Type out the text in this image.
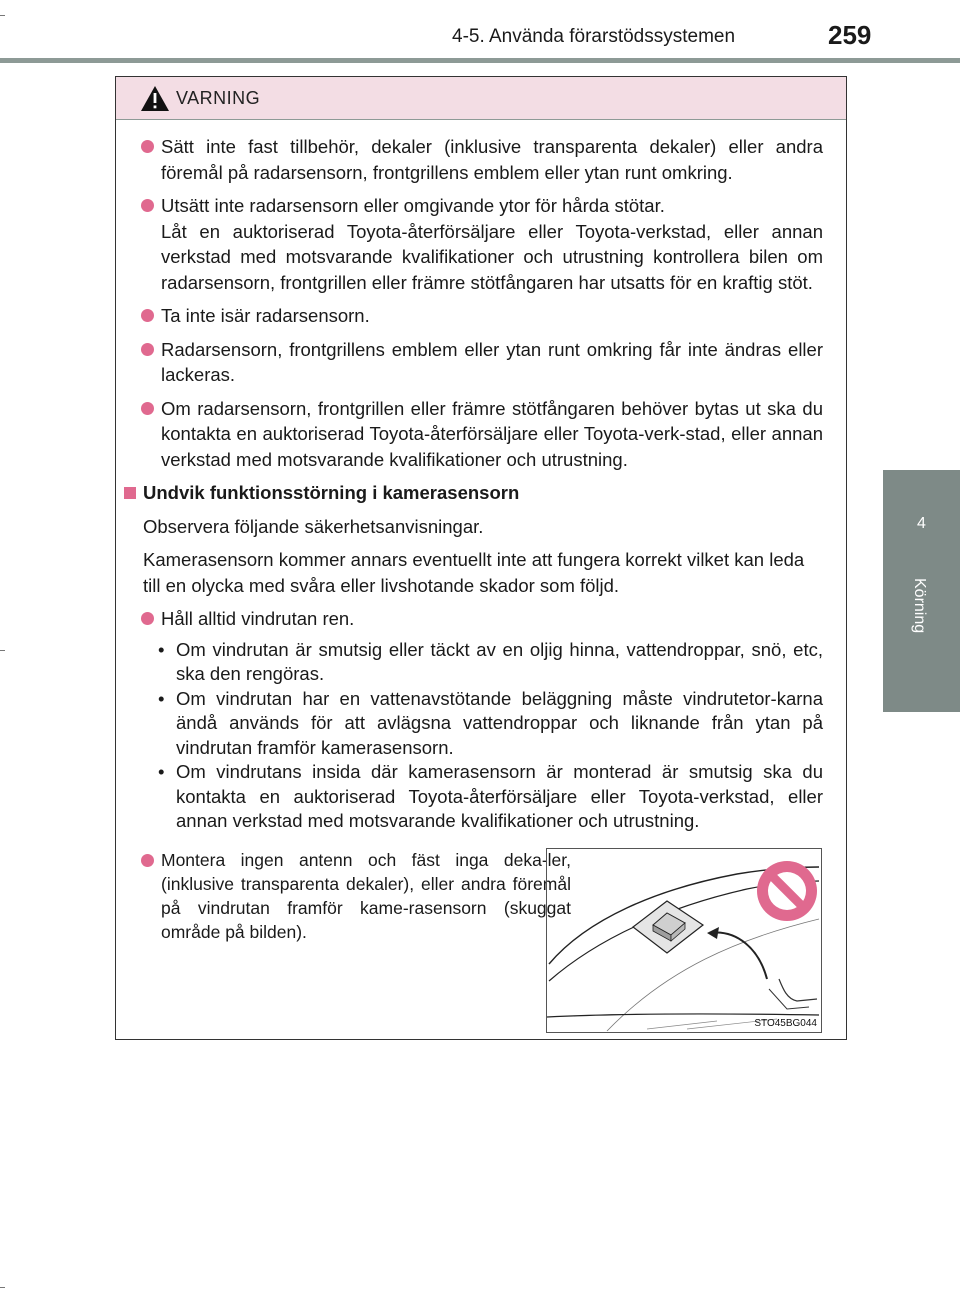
4-5. Använda förarstödssystemen	259
4
Körning
VARNING
Sätt inte fast tillbehör, dekaler (inklusive transparenta dekaler) eller andra föremål på radarsensorn, frontgrillens emblem eller ytan runt omkring.
Utsätt inte radarsensorn eller omgivande ytor för hårda stötar.
Låt en auktoriserad Toyota-återförsäljare eller Toyota-verkstad, eller annan verkstad med motsvarande kvalifikationer och utrustning kontrollera bilen om radarsensorn, frontgrillen eller främre stötfångaren har utsatts för en kraftig stöt.
Ta inte isär radarsensorn.
Radarsensorn, frontgrillens emblem eller ytan runt omkring får inte ändras eller lackeras.
Om radarsensorn, frontgrillen eller främre stötfångaren behöver bytas ut ska du kontakta en auktoriserad Toyota-återförsäljare eller Toyota-verk-stad, eller annan verkstad med motsvarande kvalifikationer och utrustning.
Undvik funktionsstörning i kamerasensorn
Observera följande säkerhetsanvisningar.
Kamerasensorn kommer annars eventuellt inte att fungera korrekt vilket kan leda till en olycka med svåra eller livshotande skador som följd.
Håll alltid vindrutan ren.
• Om vindrutan är smutsig eller täckt av en oljig hinna, vattendroppar, snö, etc, ska den rengöras.
• Om vindrutan har en vattenavstötande beläggning måste vindrutetor-karna ändå används för att avlägsna vattendroppar och liknande från ytan på vindrutan framför kamerasensorn.
• Om vindrutans insida där kamerasensorn är monterad är smutsig ska du kontakta en auktoriserad Toyota-återförsäljare eller Toyota-verkstad, eller annan verkstad med motsvarande kvalifikationer och utrustning.
Montera ingen antenn och fäst inga deka-ler, (inklusive transparenta dekaler), eller andra föremål på vindrutan framför kame-rasensorn (skuggat område på bilden).
STO45BG044
